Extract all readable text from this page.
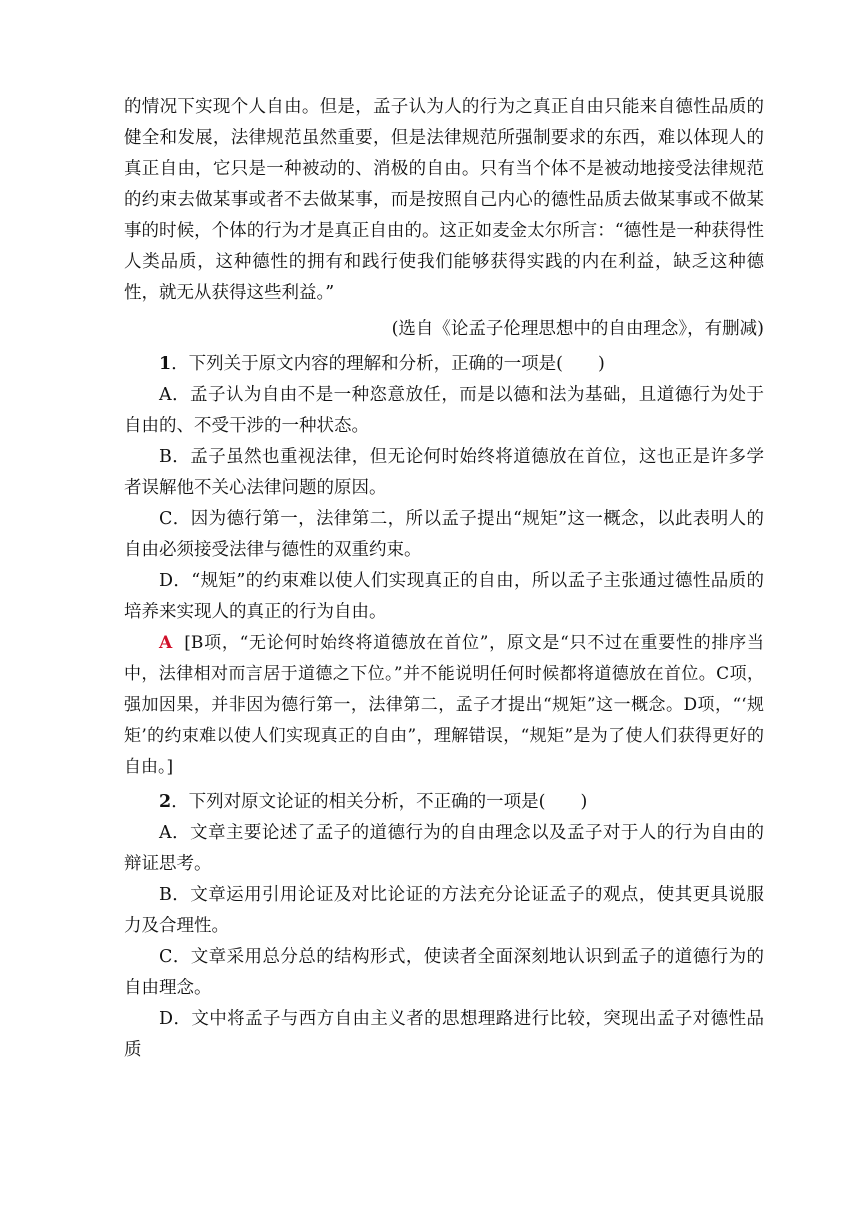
的情况下实现个人自由。但是，孟子认为人的行为之真正自由只能来自德性品质的健全和发展，法律规范虽然重要，但是法律规范所强制要求的东西，难以体现人的真正自由，它只是一种被动的、消极的自由。只有当个体不是被动地接受法律规范的约束去做某事或者不去做某事，而是按照自己内心的德性品质去做某事或不做某事的时候，个体的行为才是真正自由的。这正如麦金太尔所言：“德性是一种获得性人类品质，这种德性的拥有和践行使我们能够获得实践的内在利益，缺乏这种德性，就无从获得这些利益。”

(选自《论孟子伦理思想中的自由理念》，有删减)

1．下列关于原文内容的理解和分析，正确的一项是(　　)

A．孟子认为自由不是一种恣意放任，而是以德和法为基础，且道德行为处于自由的、不受干涉的一种状态。

B．孟子虽然也重视法律，但无论何时始终将道德放在首位，这也正是许多学者误解他不关心法律问题的原因。

C．因为德行第一，法律第二，所以孟子提出“规矩”这一概念，以此表明人的自由必须接受法律与德性的双重约束。

D．“规矩”的约束难以使人们实现真正的自由，所以孟子主张通过德性品质的培养来实现人的真正的行为自由。

A [B项，“无论何时始终将道德放在首位”，原文是“只不过在重要性的排序当中，法律相对而言居于道德之下位。”并不能说明任何时候都将道德放在首位。C项，强加因果，并非因为德行第一，法律第二，孟子才提出“规矩”这一概念。D项，“‘规矩’的约束难以使人们实现真正的自由”，理解错误，“规矩”是为了使人们获得更好的自由。]

2．下列对原文论证的相关分析，不正确的一项是(　　)

A．文章主要论述了孟子的道德行为的自由理念以及孟子对于人的行为自由的辩证思考。

B．文章运用引用论证及对比论证的方法充分论证孟子的观点，使其更具说服力及合理性。

C．文章采用总分总的结构形式，使读者全面深刻地认识到孟子的道德行为的自由理念。

D．文中将孟子与西方自由主义者的思想理路进行比较，突现出孟子对德性品质
